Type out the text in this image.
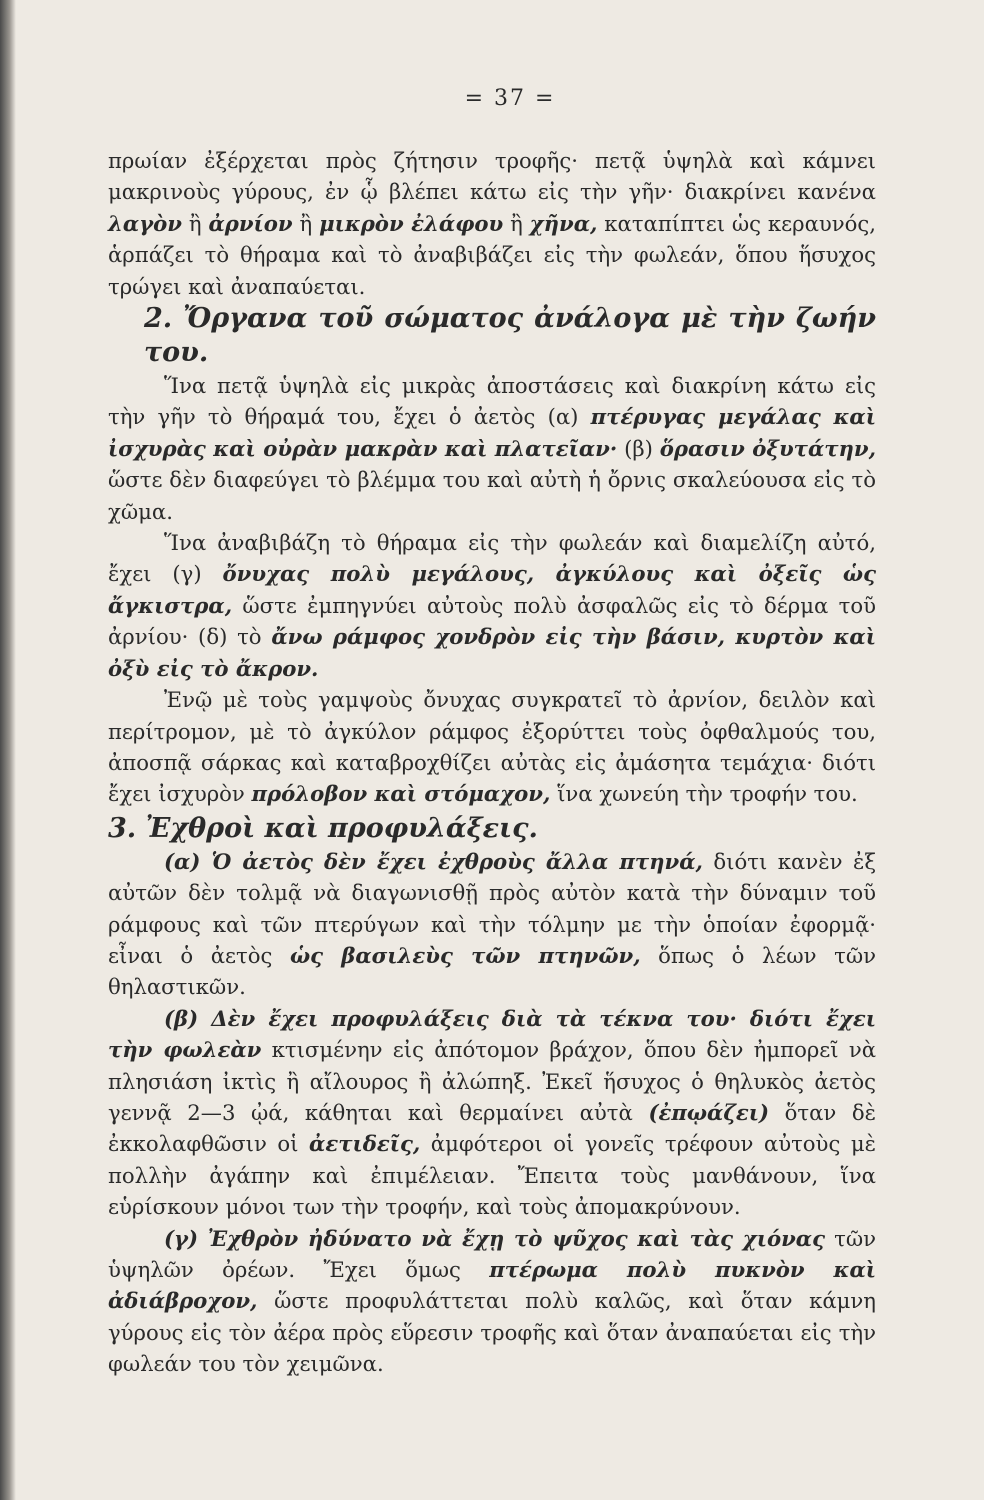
= 37 =

πρωίαν ἐξέρχεται πρὸς ζήτησιν τροφῆς· πετᾷ ὑψηλὰ καὶ κάμνει μακρινοὺς γύρους, ἐν ᾧ βλέπει κάτω εἰς τὴν γῆν· διακρίνει κανένα λαγὸν ἢ ἀρνίον ἢ μικρὸν ἐλάφου ἢ χῆνα, καταπίπτει ὡς κεραυνός, ἁρπάζει τὸ θήραμα καὶ τὸ ἀναβιβάζει εἰς τὴν φωλεάν, ὅπου ἥσυχος τρώγει καὶ ἀναπαύεται.

2. Ὄργανα τοῦ σώματος ἀνάλογα μὲ τὴν ζωήν του.

Ἵνα πετᾷ ὑψηλὰ εἰς μικρὰς ἀποστάσεις καὶ διακρίνη κάτω εἰς τὴν γῆν τὸ θήραμά του, ἔχει ὁ ἀετὸς (α) πτέρυγας μεγάλας καὶ ἰσχυρὰς καὶ οὐρὰν μακρὰν καὶ πλατεῖαν· (β) ὅρασιν ὀξυτάτην, ὥστε δὲν διαφεύγει τὸ βλέμμα του καὶ αὐτὴ ἡ ὄρνις σκαλεύουσα εἰς τὸ χῶμα.

Ἵνα ἀναβιβάζη τὸ θήραμα εἰς τὴν φωλεάν καὶ διαμελίζη αὐτό, ἔχει (γ) ὄνυχας πολὺ μεγάλους, ἀγκύλους καὶ ὀξεῖς ὡς ἄγκιστρα, ὥστε ἐμπηγνύει αὐτοὺς πολὺ ἀσφαλῶς εἰς τὸ δέρμα τοῦ ἀρνίου· (δ) τὸ ἄνω ράμφος χονδρὸν εἰς τὴν βάσιν, κυρτὸν καὶ ὀξὺ εἰς τὸ ἄκρον.

Ἐνῷ μὲ τοὺς γαμψοὺς ὄνυχας συγκρατεῖ τὸ ἀρνίον, δειλὸν καὶ περίτρομον, μὲ τὸ ἀγκύλον ράμφος ἐξορύττει τοὺς ὀφθαλμούς του, ἀποσπᾷ σάρκας καὶ καταβροχθίζει αὐτὰς εἰς ἀμάσητα τεμάχια· διότι ἔχει ἰσχυρὸν πρόλοβον καὶ στόμαχον, ἵνα χωνεύη τὴν τροφήν του.

3. Ἐχθροὶ καὶ προφυλάξεις.

(α) Ὁ ἀετὸς δὲν ἔχει ἐχθροὺς ἄλλα πτηνά, διότι κανὲν ἐξ αὐτῶν δὲν τολμᾷ νὰ διαγωνισθῇ πρὸς αὐτὸν κατὰ τὴν δύναμιν τοῦ ράμφους καὶ τῶν πτερύγων καὶ τὴν τόλμην με τὴν ὁποίαν ἐφορμᾷ· εἶναι ὁ ἀετὸς ὡς βασιλεὺς τῶν πτηνῶν, ὅπως ὁ λέων τῶν θηλαστικῶν.

(β) Δὲν ἔχει προφυλάξεις διὰ τὰ τέκνα του· διότι ἔχει τὴν φωλεὰν κτισμένην εἰς ἀπότομον βράχον, ὅπου δὲν ἠμπορεῖ νὰ πλησιάση ἰκτὶς ἢ αἴλουρος ἢ ἀλώπηξ. Ἐκεῖ ἥσυχος ὁ θηλυκὸς ἀετὸς γεννᾷ 2—3 ᾠά, κάθηται καὶ θερμαίνει αὐτὰ (ἐπῳάζει) ὅταν δὲ ἐκκολαφθῶσιν οἱ ἀετιδεῖς, ἀμφότεροι οἱ γονεῖς τρέφουν αὐτοὺς μὲ πολλὴν ἀγάπην καὶ ἐπιμέλειαν. Ἔπειτα τοὺς μανθάνουν, ἵνα εὑρίσκουν μόνοι των τὴν τροφήν, καὶ τοὺς ἀπομακρύνουν.

(γ) Ἐχθρὸν ἠδύνατο νὰ ἔχῃ τὸ ψῦχος καὶ τὰς χιόνας τῶν ὑψηλῶν ὀρέων. Ἔχει ὅμως πτέρωμα πολὺ πυκνὸν καὶ ἀδιάβροχον, ὥστε προφυλάττεται πολὺ καλῶς, καὶ ὅταν κάμνη γύρους εἰς τὸν ἀέρα πρὸς εὕρεσιν τροφῆς καὶ ὅταν ἀναπαύεται εἰς τὴν φωλεάν του τὸν χειμῶνα.
